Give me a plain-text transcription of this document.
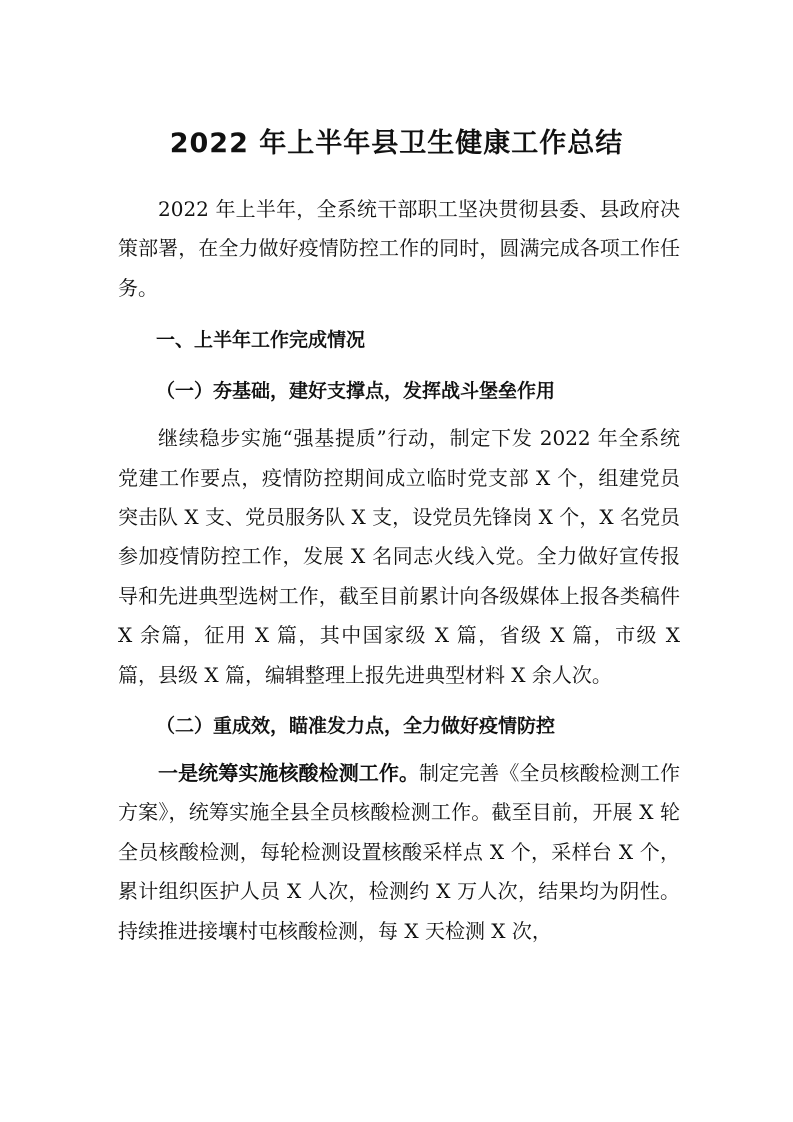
2022 年上半年县卫生健康工作总结

2022 年上半年，全系统干部职工坚决贯彻县委、县政府决策部署，在全力做好疫情防控工作的同时，圆满完成各项工作任务。

一、上半年工作完成情况

（一）夯基础，建好支撑点，发挥战斗堡垒作用

继续稳步实施“强基提质”行动，制定下发 2022 年全系统党建工作要点，疫情防控期间成立临时党支部 X 个，组建党员突击队 X 支、党员服务队 X 支，设党员先锋岗 X 个，X 名党员参加疫情防控工作，发展 X 名同志火线入党。全力做好宣传报导和先进典型选树工作，截至目前累计向各级媒体上报各类稿件 X 余篇，征用 X 篇，其中国家级 X 篇，省级 X 篇，市级 X 篇，县级 X 篇，编辑整理上报先进典型材料 X 余人次。

（二）重成效，瞄准发力点，全力做好疫情防控

一是统筹实施核酸检测工作。制定完善《全员核酸检测工作方案》，统筹实施全县全员核酸检测工作。截至目前，开展 X 轮全员核酸检测，每轮检测设置核酸采样点 X 个，采样台 X 个，累计组织医护人员 X 人次，检测约 X 万人次，结果均为阴性。持续推进接壤村屯核酸检测，每 X 天检测 X 次，
